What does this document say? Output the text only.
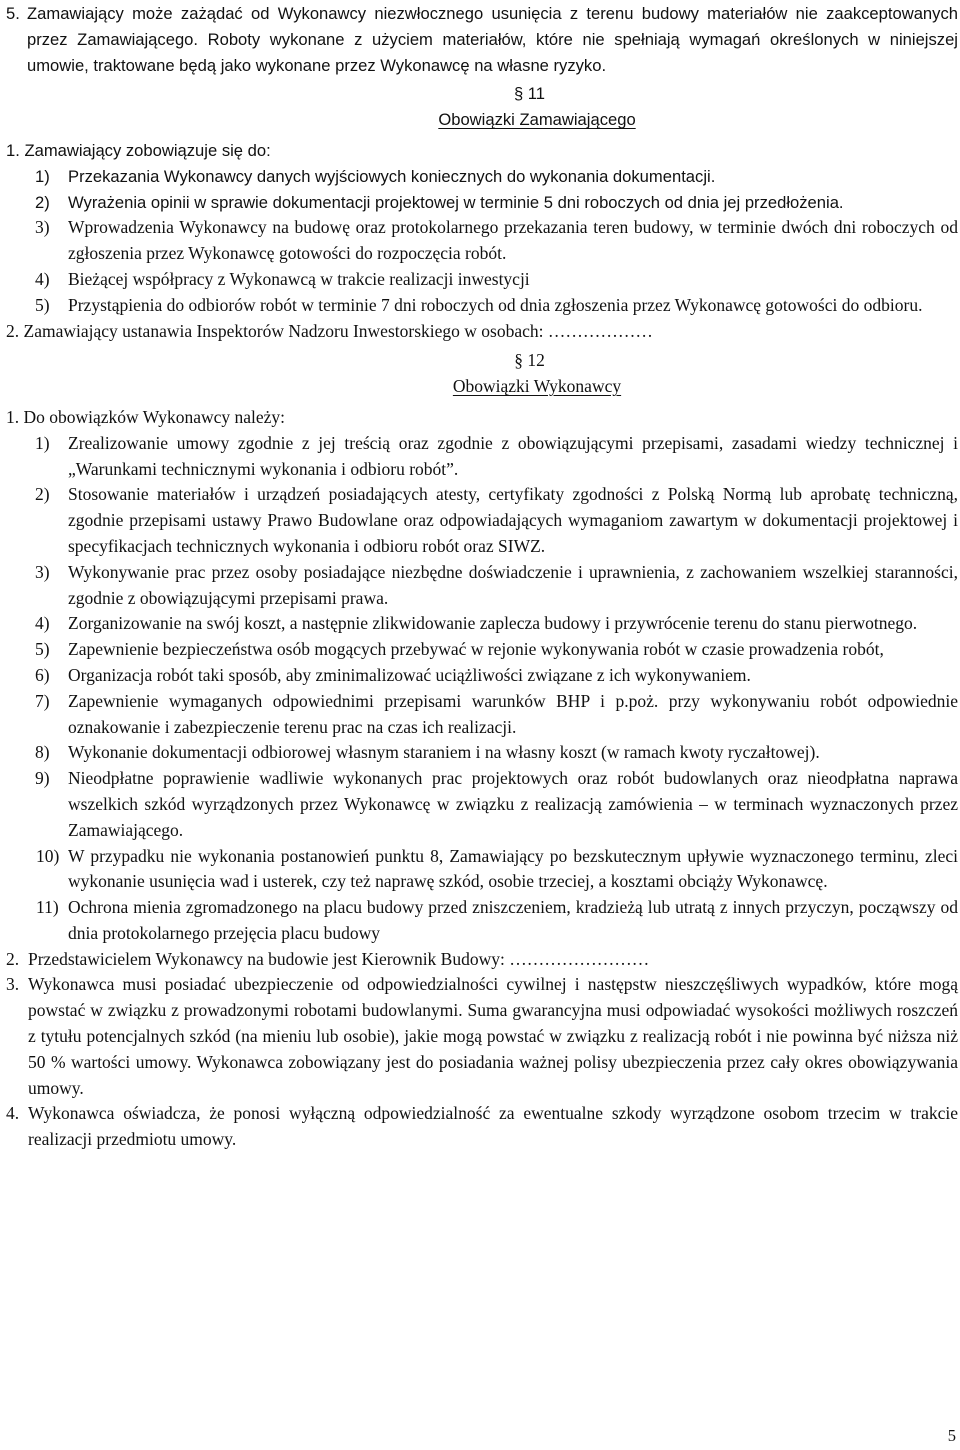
5. Zamawiający może zażądać od Wykonawcy niezwłocznego usunięcia z terenu budowy materiałów nie zaakceptowanych przez Zamawiającego. Roboty wykonane z użyciem materiałów, które nie spełniają wymagań określonych w niniejszej umowie, traktowane będą jako wykonane przez Wykonawcę na własne ryzyko.
§ 11
Obowiązki Zamawiającego
1. Zamawiający zobowiązuje się do:
1)	Przekazania Wykonawcy danych wyjściowych koniecznych do wykonania dokumentacji.
2)	Wyrażenia opinii w sprawie dokumentacji projektowej w terminie 5 dni roboczych od dnia jej przedłożenia.
3)	Wprowadzenia Wykonawcy na budowę oraz protokolarnego przekazania teren budowy, w terminie dwóch dni roboczych od zgłoszenia przez Wykonawcę gotowości do rozpoczęcia robót.
4)	Bieżącej współpracy z Wykonawcą w trakcie realizacji inwestycji
5)	Przystąpienia do odbiorów robót w terminie 7 dni roboczych od dnia zgłoszenia przez Wykonawcę gotowości do odbioru.
2. Zamawiający ustanawia Inspektorów Nadzoru Inwestorskiego w osobach: ………………
§ 12
Obowiązki Wykonawcy
1. Do obowiązków Wykonawcy należy:
1)	Zrealizowanie umowy zgodnie z jej treścią oraz zgodnie z obowiązującymi przepisami, zasadami wiedzy technicznej i „Warunkami technicznymi wykonania i odbioru robót”.
2)	Stosowanie materiałów i urządzeń posiadających atesty, certyfikaty zgodności z Polską Normą lub aprobatę techniczną, zgodnie przepisami ustawy Prawo Budowlane oraz odpowiadających wymaganiom zawartym w dokumentacji projektowej i specyfikacjach technicznych wykonania i odbioru robót oraz SIWZ.
3)	Wykonywanie prac przez osoby posiadające niezbędne doświadczenie i uprawnienia, z zachowaniem wszelkiej staranności, zgodnie z obowiązującymi przepisami prawa.
4)	Zorganizowanie na swój koszt, a następnie zlikwidowanie zaplecza budowy i przywrócenie terenu do stanu pierwotnego.
5)	Zapewnienie bezpieczeństwa osób mogących przebywać w rejonie wykonywania robót w czasie prowadzenia robót,
6)	Organizacja robót taki sposób, aby zminimalizować uciążliwości związane z ich wykonywaniem.
7)	Zapewnienie wymaganych odpowiednimi przepisami warunków BHP i p.poż. przy wykonywaniu robót odpowiednie oznakowanie i zabezpieczenie terenu prac na czas ich realizacji.
8)	Wykonanie dokumentacji odbiorowej własnym staraniem i na własny koszt (w ramach kwoty ryczałtowej).
9)	Nieodpłatne poprawienie wadliwie wykonanych prac projektowych oraz robót budowlanych oraz nieodpłatna naprawa wszelkich szkód wyrządzonych przez Wykonawcę w związku z realizacją zamówienia – w terminach wyznaczonych przez Zamawiającego.
10) W przypadku nie wykonania postanowień punktu 8, Zamawiający po bezskutecznym upływie wyznaczonego terminu, zleci wykonanie usunięcia wad i usterek, czy też naprawę szkód, osobie trzeciej, a kosztami obciąży Wykonawcę.
11) Ochrona mienia zgromadzonego na placu budowy przed zniszczeniem, kradzieżą lub utratą z innych przyczyn, począwszy od dnia protokolarnego przejęcia placu budowy
2. Przedstawicielem Wykonawcy na budowie jest Kierownik Budowy: ……………………
3. Wykonawca musi posiadać ubezpieczenie od odpowiedzialności cywilnej i następstw nieszczęśliwych wypadków, które mogą powstać w związku z prowadzonymi robotami budowlanymi. Suma gwarancyjna musi odpowiadać wysokości możliwych roszczeń z tytułu potencjalnych szkód (na mieniu lub osobie), jakie mogą powstać w związku z realizacją robót i nie powinna być niższa niż 50 % wartości umowy. Wykonawca zobowiązany jest do posiadania ważnej polisy ubezpieczenia przez cały okres obowiązywania umowy.
4. Wykonawca oświadcza, że ponosi wyłączną odpowiedzialność za ewentualne szkody wyrządzone osobom trzecim w trakcie realizacji przedmiotu umowy.
5
